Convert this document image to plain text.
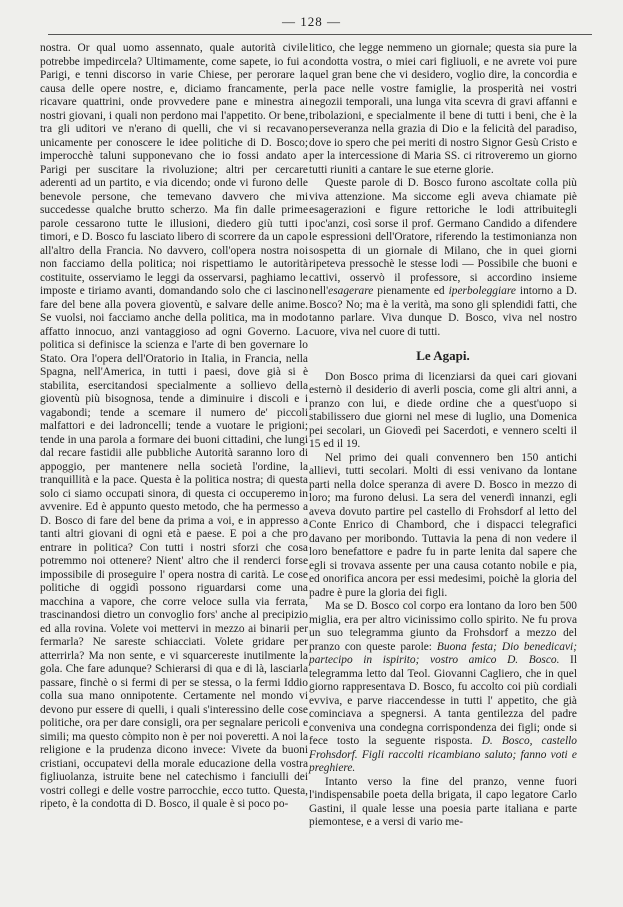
— 128 —

nostra. Or qual uomo assennato, quale autorità civile potrebbe impedircela? Ultimamente, come sapete, io fui a Parigi, e tenni discorso in varie Chiese, per perorare la causa delle opere nostre, e, diciamo francamente, per ricavare quattrini, onde provvedere pane e minestra ai nostri giovani, i quali non perdono mai l'appetito. Or bene, tra gli uditori ve n'erano di quelli, che vi si recavano unicamente per conoscere le idee politiche di D. Bosco; imperocchè taluni supponevano che io fossi andato a Parigi per suscitare la rivoluzione; altri per cercare aderenti ad un partito, e via dicendo; onde vi furono delle benevole persone, che temevano davvero che mi succedesse qualche brutto scherzo. Ma fin dalle prime parole cessarono tutte le illusioni, diedero giù tutti i timori, e D. Bosco fu lasciato libero di scorrere da un capo all'altro della Francia. No davvero, coll'opera nostra noi non facciamo della politica; noi rispettiamo le autorità costituite, osserviamo le leggi da osservarsi, paghiamo le imposte e tiriamo avanti, domandando solo che ci lascino fare del bene alla povera gioventù, e salvare delle anime. Se vuolsi, noi facciamo anche della politica, ma in modo affatto innocuo, anzi vantaggioso ad ogni Governo. La politica si definisce la scienza e l'arte di ben governare lo Stato. Ora l'opera dell'Oratorio in Italia, in Francia, nella Spagna, nell'America, in tutti i paesi, dove già si è stabilita, esercitandosi specialmente a sollievo della gioventù più bisognosa, tende a diminuire i discoli e i vagabondi; tende a scemare il numero de' piccoli malfattori e dei ladroncelli; tende a vuotare le prigioni; tende in una parola a formare dei buoni cittadini, che lungi dal recare fastidii alle pubbliche Autorità saranno loro di appoggio, per mantenere nella società l'ordine, la tranquillità e la pace. Questa è la politica nostra; di questa solo ci siamo occupati sinora, di questa ci occuperemo in avvenire. Ed è appunto questo metodo, che ha permesso a D. Bosco di fare del bene da prima a voi, e in appresso a tanti altri giovani di ogni età e paese. E poi a che pro entrare in politica? Con tutti i nostri sforzi che cosa potremmo noi ottenere? Nient' altro che il renderci forse impossibile di proseguire l' opera nostra di carità. Le cose politiche di oggidì possono riguardarsi come una macchina a vapore, che corre veloce sulla via ferrata, trascinandosi dietro un convoglio fors' anche al precipizio ed alla rovina. Volete voi mettervi in mezzo ai binarii per fermarla? Ne sareste schiacciati. Volete gridare per atterrirla? Ma non sente, e vi squarcereste inutilmente la gola. Che fare adunque? Schierarsi di qua e di là, lasciarla passare, finchè o si fermi di per se stessa, o la fermi Iddio colla sua mano onnipotente. Certamente nel mondo vi devono pur essere di quelli, i quali s'interessino delle cose politiche, ora per dare consigli, ora per segnalare pericoli e simili; ma questo còmpito non è per noi poveretti. A noi la religione e la prudenza dicono invece: Vivete da buoni cristiani, occupatevi della morale educazione della vostra figliuolanza, istruite bene nel catechismo i fanciulli dei vostri collegi e delle vostre parrocchie, ecco tutto. Questa, ripeto, è la condotta di D. Bosco, il quale è si poco po-

litico, che legge nemmeno un giornale; questa sia pure la condotta vostra, o miei cari figliuoli, e ne avrete voi pure quel gran bene che vi desidero, voglio dire, la concordia e la pace nelle vostre famiglie, la prosperità nei vostri negozii temporali, una lunga vita scevra di gravi affanni e tribolazioni, e specialmente il bene di tutti i beni, che è la perseveranza nella grazia di Dio e la felicità del paradiso, dove io spero che pei meriti di nostro Signor Gesù Cristo e per la intercessione di Maria SS. ci ritroveremo un giorno tutti riuniti a cantare le sue eterne glorie.

Queste parole di D. Bosco furono ascoltate colla più viva attenzione. Ma siccome egli aveva chiamate piè esagerazioni e figure rettoriche le lodi attribuitegli poc'anzi, così sorse il prof. Germano Candido a difendere le espressioni dell'Oratore, riferendo la testimonianza non sospetta di un giornale di Milano, che in quei giorni ripeteva pressochè le stesse lodi — Possibile che buoni e cattivi, osservò il professore, si accordino insieme nell'esagerare pienamente ed iperboleggiare intorno a D. Bosco? No; ma è la verità, ma sono gli splendidi fatti, che tanno parlare. Viva dunque D. Bosco, viva nel nostro cuore, viva nel cuore di tutti.

Le Agapi.

Don Bosco prima di licenziarsi da quei cari giovani esternò il desiderio di averli poscia, come gli altri anni, a pranzo con lui, e diede ordine che a quest'uopo si stabilissero due giorni nel mese di luglio, una Domenica pei secolari, un Giovedì pei Sacerdoti, e vennero scelti il 15 ed il 19.

Nel primo dei quali convennero ben 150 antichi allievi, tutti secolari. Molti di essi venivano da lontane parti nella dolce speranza di avere D. Bosco in mezzo di loro; ma furono delusi. La sera del venerdì innanzi, egli aveva dovuto partire pel castello di Frohsdorf al letto del Conte Enrico di Chambord, che i dispacci telegrafici davano per moribondo. Tuttavia la pena di non vedere il loro benefattore e padre fu in parte lenita dal sapere che egli si trovava assente per una causa cotanto nobile e pia, ed onorifica ancora per essi medesimi, poichè la gloria del padre è pure la gloria dei figli.

Ma se D. Bosco col corpo era lontano da loro ben 500 miglia, era per altro vicinissimo collo spirito. Ne fu prova un suo telegramma giunto da Frohsdorf a mezzo del pranzo con queste parole: Buona festa; Dio benedicavi; partecipo in ispirito; vostro amico D. Bosco. Il telegramma letto dal Teol. Giovanni Cagliero, che in quel giorno rappresentava D. Bosco, fu accolto coi più cordiali evviva, e parve riaccendesse in tutti l' appetito, che già cominciava a spegnersi. A tanta gentilezza del padre conveniva una condegna corrispondenza dei figli; onde si fece tosto la seguente risposta. D. Bosco, castello Frohsdorf. Figli raccolti ricambiano saluto; fanno voti e preghiere.

Intanto verso la fine del pranzo, venne fuori l'indispensabile poeta della brigata, il capo legatore Carlo Gastini, il quale lesse una poesia parte italiana e parte piemontese, e a versi di vario me-
